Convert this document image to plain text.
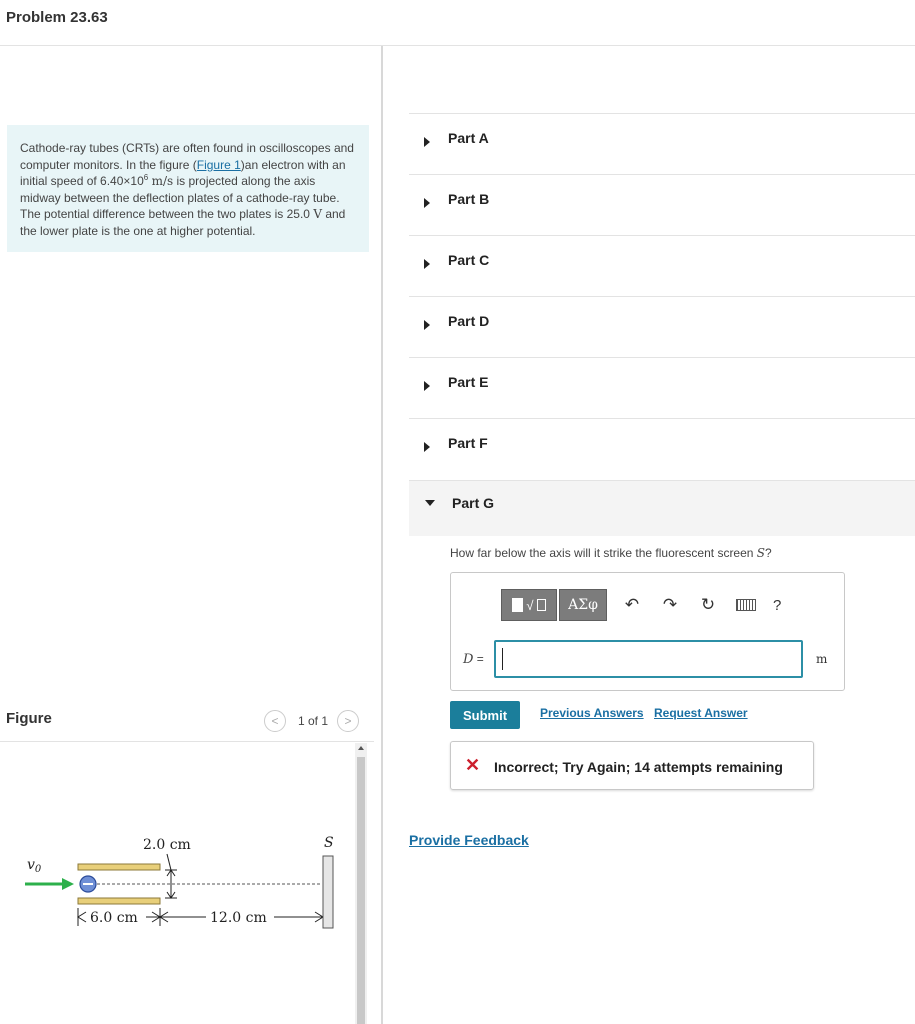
Problem 23.63
Cathode-ray tubes (CRTs) are often found in oscilloscopes and computer monitors. In the figure (Figure 1)an electron with an initial speed of $6.40\times 10^6$ m/s is projected along the axis midway between the deflection plates of a cathode-ray tube. The potential difference between the two plates is 25.0 V and the lower plate is the one at higher potential.
Figure	<	1 of 1	>
$v_0$
2.0 cm
6.0 cm	12.0 cm
S
Part A
Part B
Part C
Part D
Part E
Part F
Part G
How far below the axis will it strike the fluorescent screen S?
√	ΑΣφ	↶	↷	↻	?
D =	m
Submit	Previous Answers Request Answer
✕ Incorrect; Try Again; 14 attempts remaining
Provide Feedback
